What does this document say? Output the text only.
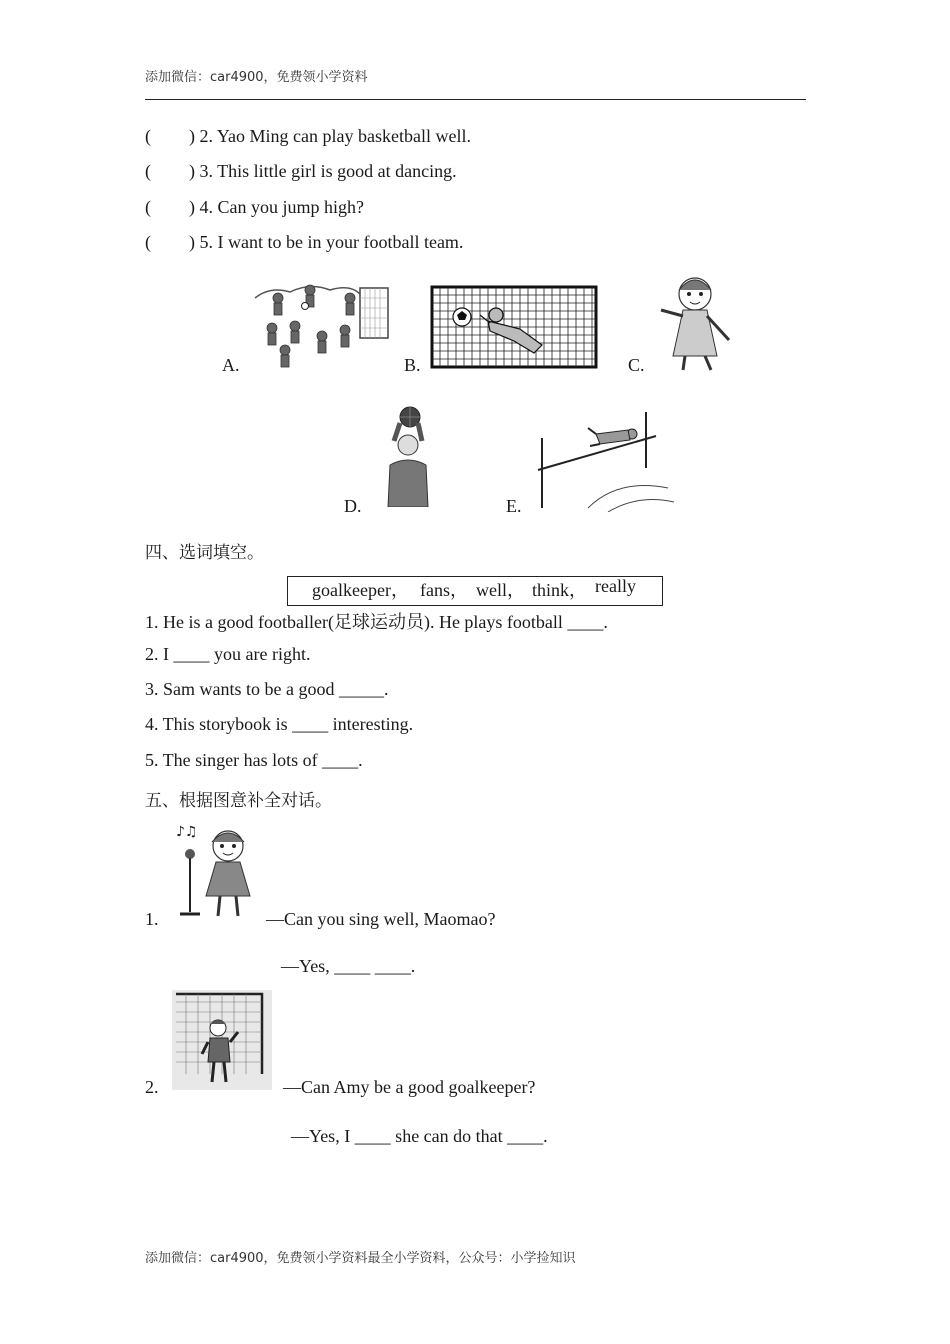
添加微信：car4900，免费领小学资料
( ) 2. Yao Ming can play basketball well.
( ) 3. This little girl is good at dancing.
( ) 4. Can you jump high?
( ) 5. I want to be in your football team.
A.	B.	C.
D.	E.
四、选词填空。
goalkeeper， fans， well， think， really
1. He is a good footballer(足球运动员). He plays football ____.
2. I ____ you are right.
3. Sam wants to be a good _____.
4. This storybook is ____ interesting.
5. The singer has lots of ____.
五、根据图意补全对话。
1.
♪♫
—Can you sing well, Maomao?
—Yes, ____ ____.
2.	—Can Amy be a good goalkeeper?
—Yes, I ____ she can do that ____.
添加微信：car4900，免费领小学资料最全小学资料，公众号：小学捡知识
